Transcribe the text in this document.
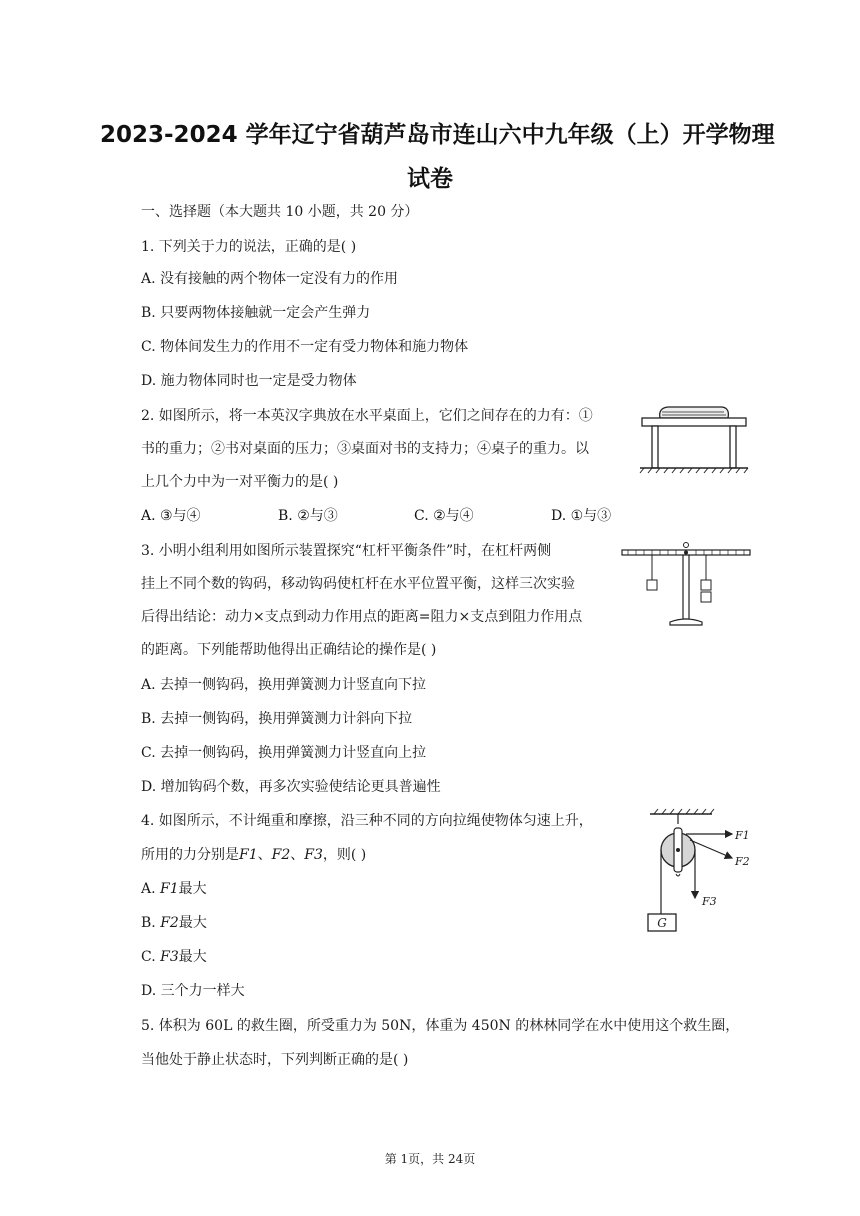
2023-2024 学年辽宁省葫芦岛市连山六中九年级（上）开学物理
试卷
一、选择题（本大题共 10 小题，共 20 分）
1. 下列关于力的说法，正确的是( )
A. 没有接触的两个物体一定没有力的作用
B. 只要两物体接触就一定会产生弹力
C. 物体间发生力的作用不一定有受力物体和施力物体
D. 施力物体同时也一定是受力物体
2. 如图所示，将一本英汉字典放在水平桌面上，它们之间存在的力有：①
书的重力；②书对桌面的压力；③桌面对书的支持力；④桌子的重力。以
上几个力中为一对平衡力的是( )
A. ③与④	B. ②与③	C. ②与④	D. ①与③
3. 小明小组利用如图所示装置探究“杠杆平衡条件”时，在杠杆两侧
挂上不同个数的钩码，移动钩码使杠杆在水平位置平衡，这样三次实验
后得出结论：动力×支点到动力作用点的距离=阻力×支点到阻力作用点
的距离。下列能帮助他得出正确结论的操作是( )
A. 去掉一侧钩码，换用弹簧测力计竖直向下拉
B. 去掉一侧钩码，换用弹簧测力计斜向下拉
C. 去掉一侧钩码，换用弹簧测力计竖直向上拉
D. 增加钩码个数，再多次实验使结论更具普遍性
4. 如图所示，不计绳重和摩擦，沿三种不同的方向拉绳使物体匀速上升，
所用的力分别是F1、F2、F3，则( )
A. F1最大
B. F2最大
C. F3最大
D. 三个力一样大
G
F1
F2
F3
5. 体积为 60L 的救生圈，所受重力为 50N，体重为 450N 的林林同学在水中使用这个救生圈，
当他处于静止状态时，下列判断正确的是( )
第 1页，共 24页
